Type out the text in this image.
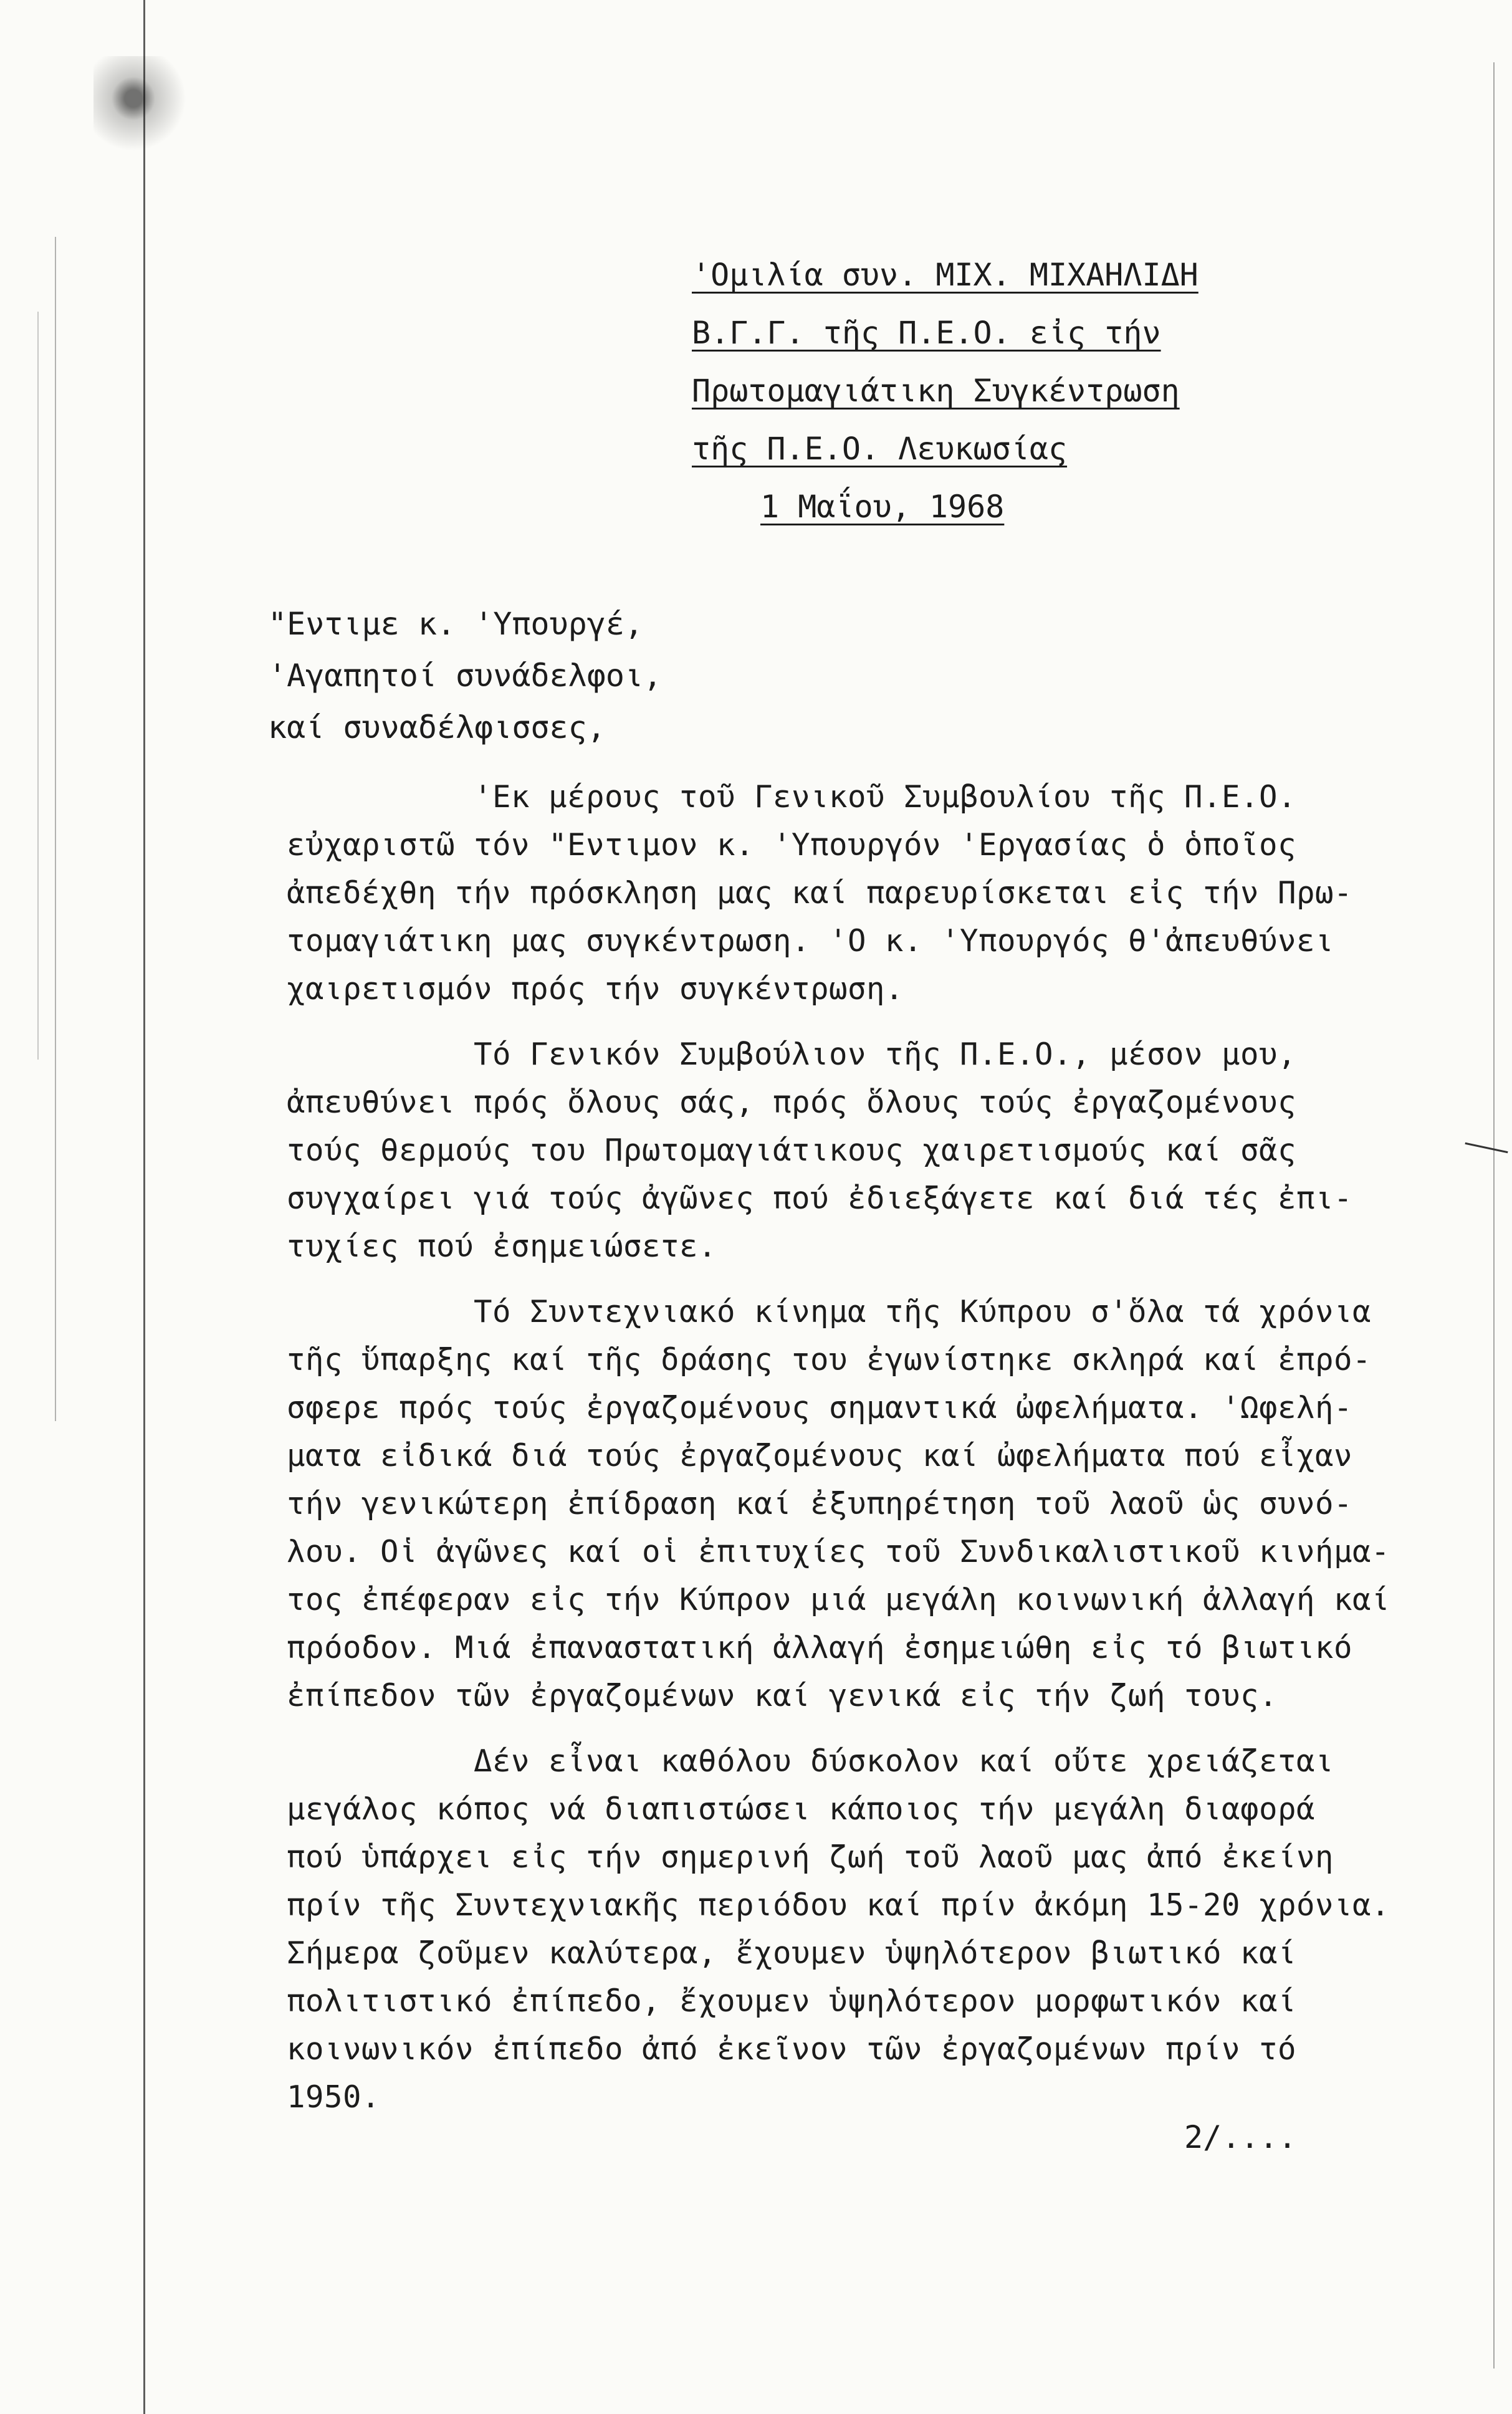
'Ομιλία συν. ΜΙΧ. ΜΙΧΑΗΛΙΔΗ
Β.Γ.Γ. τῆς Π.Ε.Ο. εἰς τήν
Πρωτομαγιάτικη Συγκέντρωση
τῆς Π.Ε.Ο. Λευκωσίας
1 Μαΐου, 1968
"Εντιμε κ. 'Υπουργέ,
'Αγαπητοί συνάδελφοι,
καί συναδέλφισσες,
'Εκ μέρους τοῦ Γενικοῦ Συμβουλίου τῆς Π.Ε.Ο.
εὐχαριστῶ τόν "Εντιμον κ. 'Υπουργόν 'Εργασίας ὁ ὁποῖος
ἀπεδέχθη τήν πρόσκληση μας καί παρευρίσκεται εἰς τήν Πρω-
τομαγιάτικη μας συγκέντρωση. 'Ο κ. 'Υπουργός θ'ἀπευθύνει
χαιρετισμόν πρός τήν συγκέντρωση.
Τό Γενικόν Συμβούλιον τῆς Π.Ε.Ο., μέσον μου,
ἀπευθύνει πρός ὅλους σάς, πρός ὅλους τούς ἐργαζομένους
τούς θερμούς του Πρωτομαγιάτικους χαιρετισμούς καί σᾶς
συγχαίρει γιά τούς ἀγῶνες πού ἐδιεξάγετε καί διά τές ἐπι-
τυχίες πού ἐσημειώσετε.
Τό Συντεχνιακό κίνημα τῆς Κύπρου σ'ὅλα τά χρόνια
τῆς ὕπαρξης καί τῆς δράσης του ἐγωνίστηκε σκληρά καί ἐπρό-
σφερε πρός τούς ἐργαζομένους σημαντικά ὠφελήματα. 'Ωφελή-
ματα εἰδικά διά τούς ἐργαζομένους καί ὠφελήματα πού εἶχαν
τήν γενικώτερη ἐπίδραση καί ἐξυπηρέτηση τοῦ λαοῦ ὡς συνό-
λου. Οἱ ἀγῶνες καί οἱ ἐπιτυχίες τοῦ Συνδικαλιστικοῦ κινήμα-
τος ἐπέφεραν εἰς τήν Κύπρον μιά μεγάλη κοινωνική ἀλλαγή καί
πρόοδον. Μιά ἐπαναστατική ἀλλαγή ἐσημειώθη εἰς τό βιωτικό
ἐπίπεδον τῶν ἐργαζομένων καί γενικά εἰς τήν ζωή τους.
Δέν εἶναι καθόλου δύσκολον καί οὔτε χρειάζεται
μεγάλος κόπος νά διαπιστώσει κάποιος τήν μεγάλη διαφορά
πού ὑπάρχει εἰς τήν σημερινή ζωή τοῦ λαοῦ μας ἀπό ἐκείνη
πρίν τῆς Συντεχνιακῆς περιόδου καί πρίν ἀκόμη 15-20 χρόνια.
Σήμερα ζοῦμεν καλύτερα, ἔχουμεν ὑψηλότερον βιωτικό καί
πολιτιστικό ἐπίπεδο, ἔχουμεν ὑψηλότερον μορφωτικόν καί
κοινωνικόν ἐπίπεδο ἀπό ἐκεῖνον τῶν ἐργαζομένων πρίν τό
1950.
2/....
